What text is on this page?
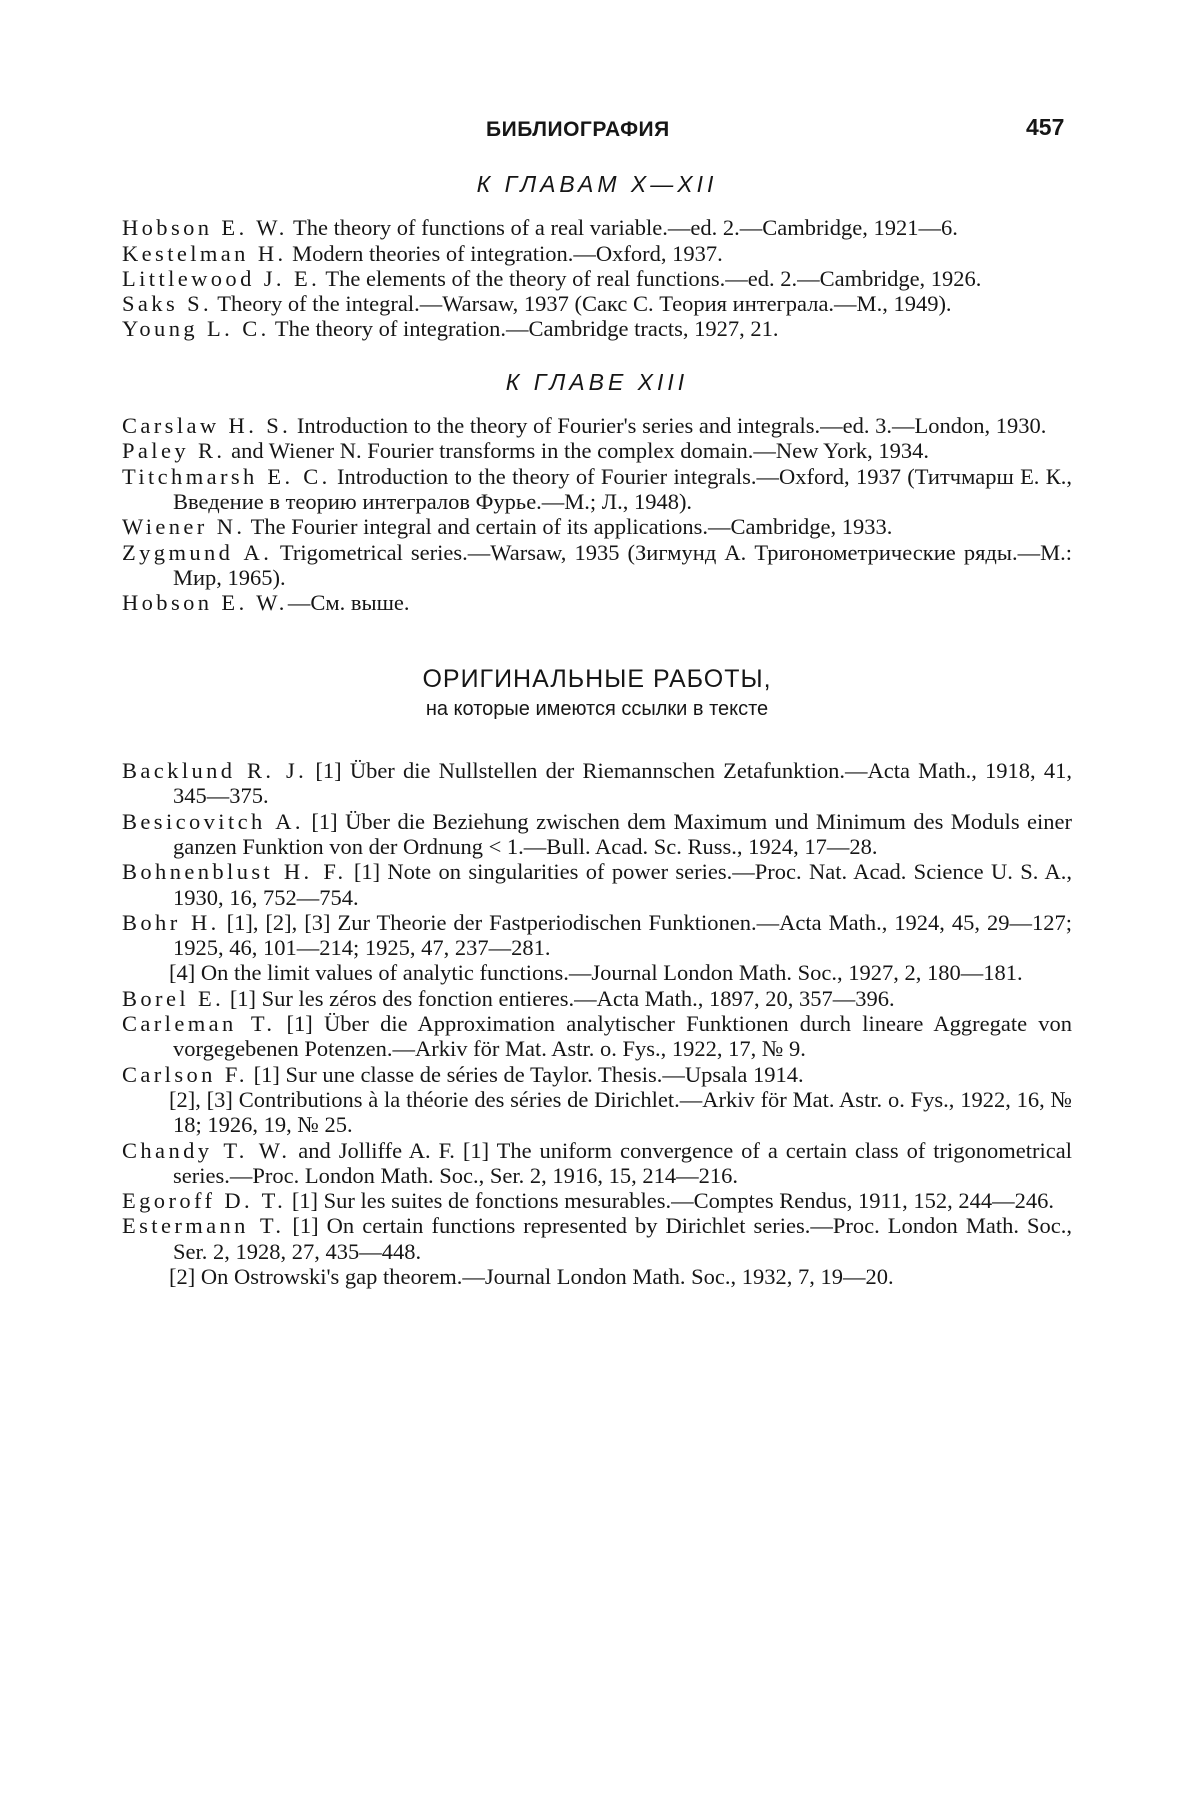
БИБЛИОГРАФИЯ	457
К ГЛАВАМ X—XII
Hobson E. W. The theory of functions of a real variable.—ed. 2.—Cambridge, 1921—6.
Kestelman H. Modern theories of integration.—Oxford, 1937.
Littlewood J. E. The elements of the theory of real functions.—ed. 2.—Cambridge, 1926.
Saks S. Theory of the integral.—Warsaw, 1937 (Сакс С. Теория интеграла.—М., 1949).
Young L. C. The theory of integration.—Cambridge tracts, 1927, 21.
К ГЛАВЕ XIII
Carslaw H. S. Introduction to the theory of Fourier's series and integrals.—ed. 3.—London, 1930.
Paley R. and Wiener N. Fourier transforms in the complex domain.—New York, 1934.
Titchmarsh E. C. Introduction to the theory of Fourier integrals.—Oxford, 1937 (Титчмарш Е. К., Введение в теорию интегралов Фурье.—М.; Л., 1948).
Wiener N. The Fourier integral and certain of its applications.—Cambridge, 1933.
Zygmund A. Trigometrical series.—Warsaw, 1935 (Зигмунд А. Тригонометрические ряды.—М.: Мир, 1965).
Hobson E. W.—См. выше.
ОРИГИНАЛЬНЫЕ РАБОТЫ,
на которые имеются ссылки в тексте
Backlund R. J. [1] Über die Nullstellen der Riemannschen Zetafunktion.—Acta Math., 1918, 41, 345—375.
Besicovitch A. [1] Über die Beziehung zwischen dem Maximum und Minimum des Moduls einer ganzen Funktion von der Ordnung < 1.—Bull. Acad. Sc. Russ., 1924, 17—28.
Bohnenblust H. F. [1] Note on singularities of power series.—Proc. Nat. Acad. Science U. S. A., 1930, 16, 752—754.
Bohr H. [1], [2], [3] Zur Theorie der Fastperiodischen Funktionen.—Acta Math., 1924, 45, 29—127; 1925, 46, 101—214; 1925, 47, 237—281.
[4] On the limit values of analytic functions.—Journal London Math. Soc., 1927, 2, 180—181.
Borel E. [1] Sur les zéros des fonction entieres.—Acta Math., 1897, 20, 357—396.
Carleman T. [1] Über die Approximation analytischer Funktionen durch lineare Aggregate von vorgegebenen Potenzen.—Arkiv för Mat. Astr. o. Fys., 1922, 17, № 9.
Carlson F. [1] Sur une classe de séries de Taylor. Thesis.—Upsala 1914.
[2], [3] Contributions à la théorie des séries de Dirichlet.—Arkiv för Mat. Astr. o. Fys., 1922, 16, № 18; 1926, 19, № 25.
Chandy T. W. and Jolliffe A. F. [1] The uniform convergence of a certain class of trigonometrical series.—Proc. London Math. Soc., Ser. 2, 1916, 15, 214—216.
Egoroff D. T. [1] Sur les suites de fonctions mesurables.—Comptes Rendus, 1911, 152, 244—246.
Estermann T. [1] On certain functions represented by Dirichlet series.—Proc. London Math. Soc., Ser. 2, 1928, 27, 435—448.
[2] On Ostrowski's gap theorem.—Journal London Math. Soc., 1932, 7, 19—20.
